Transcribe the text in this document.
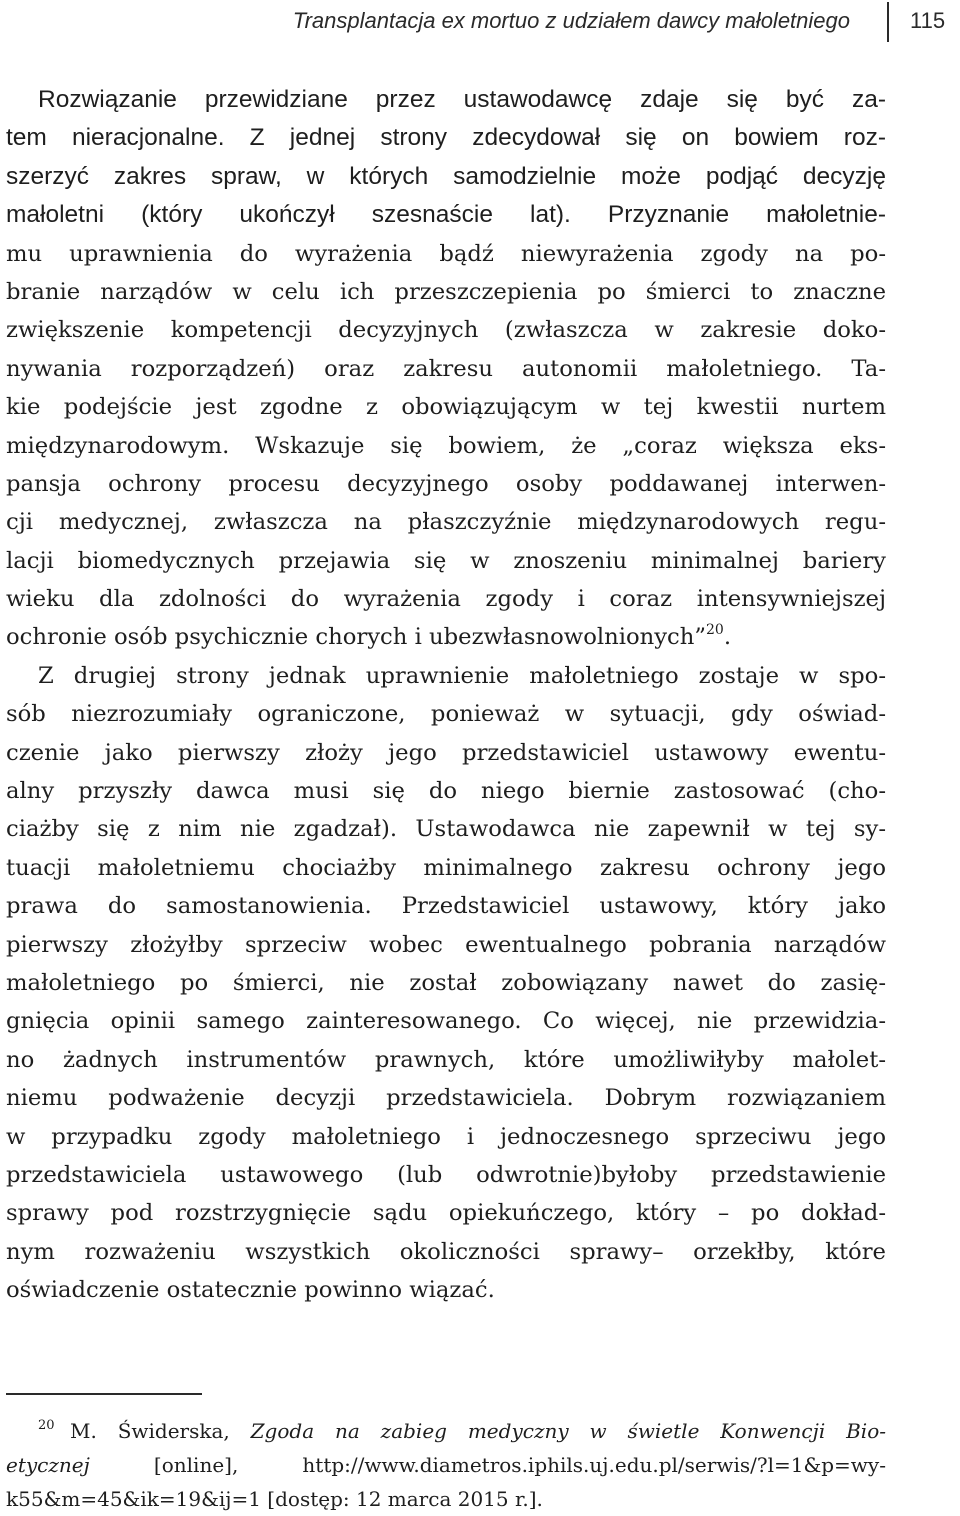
Transplantacja ex mortuo z udziałem dawcy małoletniego	115
Rozwiązanie przewidziane przez ustawodawcę zdaje się być za-
tem nieracjonalne. Z jednej strony zdecydował się on bowiem roz-
szerzyć zakres spraw, w których samodzielnie może podjąć decyzję
małoletni (który ukończył szesnaście lat). Przyznanie małoletnie-
mu uprawnienia do wyrażenia bądź niewyrażenia zgody na po-
branie narządów w celu ich przeszczepienia po śmierci to znaczne
zwiększenie kompetencji decyzyjnych (zwłaszcza w zakresie doko-
nywania rozporządzeń) oraz zakresu autonomii małoletniego. Ta-
kie podejście jest zgodne z obowiązującym w tej kwestii nurtem
międzynarodowym. Wskazuje się bowiem, że „coraz większa eks-
pansja ochrony procesu decyzyjnego osoby poddawanej interwen-
cji medycznej, zwłaszcza na płaszczyźnie międzynarodowych regu-
lacji biomedycznych przejawia się w znoszeniu minimalnej bariery
wieku dla zdolności do wyrażenia zgody i coraz intensywniejszej
ochronie osób psychicznie chorych i ubezwłasnowolnionych”$^{20}$.
Z drugiej strony jednak uprawnienie małoletniego zostaje w spo-
sób niezrozumiały ograniczone, ponieważ w sytuacji, gdy oświad-
czenie jako pierwszy złoży jego przedstawiciel ustawowy ewentu-
alny przyszły dawca musi się do niego biernie zastosować (cho-
ciażby się z nim nie zgadzał). Ustawodawca nie zapewnił w tej sy-
tuacji małoletniemu chociażby minimalnego zakresu ochrony jego
prawa do samostanowienia. Przedstawiciel ustawowy, który jako
pierwszy złożyłby sprzeciw wobec ewentualnego pobrania narządów
małoletniego po śmierci, nie został zobowiązany nawet do zasię-
gnięcia opinii samego zainteresowanego. Co więcej, nie przewidzia-
no żadnych instrumentów prawnych, które umożliwiłyby małolet-
niemu podważenie decyzji przedstawiciela. Dobrym rozwiązaniem
w przypadku zgody małoletniego i jednoczesnego sprzeciwu jego
przedstawiciela ustawowego (lub odwrotnie)byłoby przedstawienie
sprawy pod rozstrzygnięcie sądu opiekuńczego, który – po dokład-
nym rozważeniu wszystkich okoliczności sprawy– orzekłby, które
oświadczenie ostatecznie powinno wiązać.
20 M. Świderska, Zgoda na zabieg medyczny w świetle Konwencji Bio-
etycznej [online], http://www.diametros.iphils.uj.edu.pl/serwis/?l=1&p=wy-
k55&m=45&ik=19&ij=1 [dostęp: 12 marca 2015 r.].
